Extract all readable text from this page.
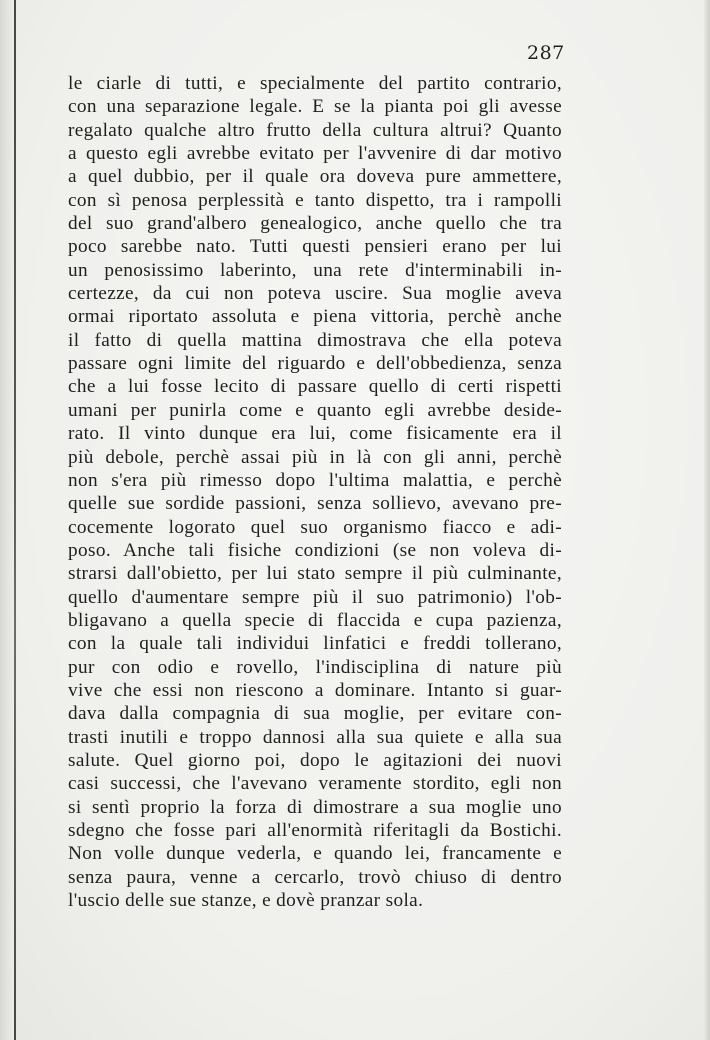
287
le ciarle di tutti, e specialmente del partito contrario,
con una separazione legale. E se la pianta poi gli avesse
regalato qualche altro frutto della cultura altrui? Quanto
a questo egli avrebbe evitato per l'avvenire di dar motivo
a quel dubbio, per il quale ora doveva pure ammettere,
con sì penosa perplessità e tanto dispetto, tra i rampolli
del suo grand'albero genealogico, anche quello che tra
poco sarebbe nato. Tutti questi pensieri erano per lui
un penosissimo laberinto, una rete d'interminabili in-
certezze, da cui non poteva uscire. Sua moglie aveva
ormai riportato assoluta e piena vittoria, perchè anche
il fatto di quella mattina dimostrava che ella poteva
passare ogni limite del riguardo e dell'obbedienza, senza
che a lui fosse lecito di passare quello di certi rispetti
umani per punirla come e quanto egli avrebbe deside-
rato. Il vinto dunque era lui, come fisicamente era il
più debole, perchè assai più in là con gli anni, perchè
non s'era più rimesso dopo l'ultima malattia, e perchè
quelle sue sordide passioni, senza sollievo, avevano pre-
cocemente logorato quel suo organismo fiacco e adi-
poso. Anche tali fisiche condizioni (se non voleva di-
strarsi dall'obietto, per lui stato sempre il più culminante,
quello d'aumentare sempre più il suo patrimonio) l'ob-
bligavano a quella specie di flaccida e cupa pazienza,
con la quale tali individui linfatici e freddi tollerano,
pur con odio e rovello, l'indisciplina di nature più
vive che essi non riescono a dominare. Intanto si guar-
dava dalla compagnia di sua moglie, per evitare con-
trasti inutili e troppo dannosi alla sua quiete e alla sua
salute. Quel giorno poi, dopo le agitazioni dei nuovi
casi successi, che l'avevano veramente stordito, egli non
si sentì proprio la forza di dimostrare a sua moglie uno
sdegno che fosse pari all'enormità riferitagli da Bostichi.
Non volle dunque vederla, e quando lei, francamente e
senza paura, venne a cercarlo, trovò chiuso di dentro
l'uscio delle sue stanze, e dovè pranzar sola.
